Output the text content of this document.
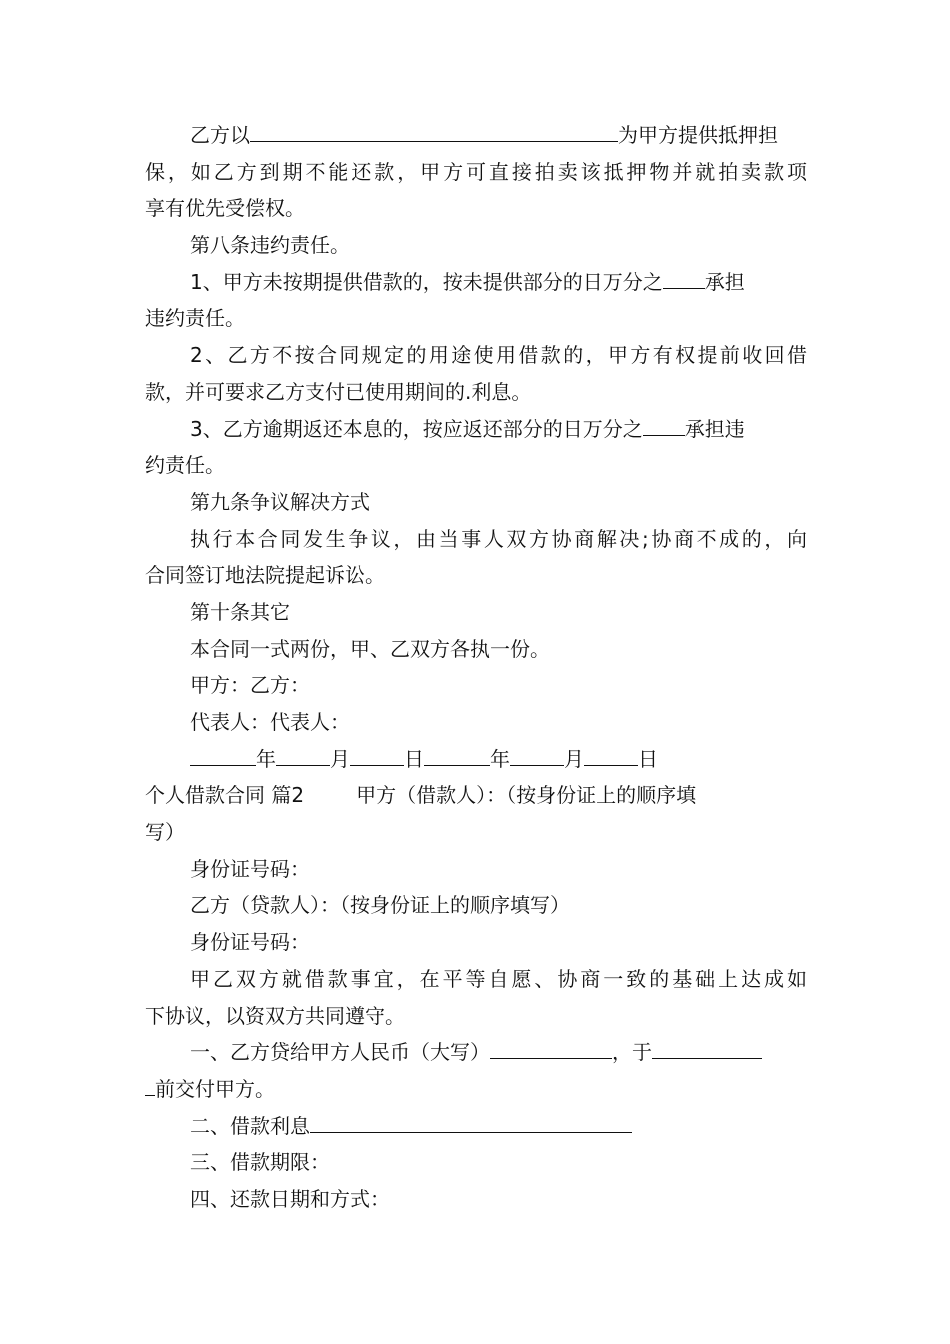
乙方以	为甲方提供抵押担
保，如乙方到期不能还款，甲方可直接拍卖该抵押物并就拍卖款项
享有优先受偿权。
第八条违约责任。
1、甲方未按期提供借款的，按未提供部分的日万分之 承担
违约责任。
2、乙方不按合同规定的用途使用借款的，甲方有权提前收回借
款，并可要求乙方支付已使用期间的.利息。
3、乙方逾期返还本息的，按应返还部分的日万分之 承担违
约责任。
第九条争议解决方式
执行本合同发生争议，由当事人双方协商解决;协商不成的，向
合同签订地法院提起诉讼。
第十条其它
本合同一式两份，甲、乙双方各执一份。
甲方：乙方：
代表人：代表人：
年	月	日	年	月	日
个人借款合同 篇2	甲方（借款人）：（按身份证上的顺序填
写）
身份证号码：
乙方（贷款人）：（按身份证上的顺序填写）
身份证号码：
甲乙双方就借款事宜，在平等自愿、协商一致的基础上达成如
下协议，以资双方共同遵守。
一、乙方贷给甲方人民币（大写）	，于
前交付甲方。
二、借款利息
三、借款期限：
四、还款日期和方式：
